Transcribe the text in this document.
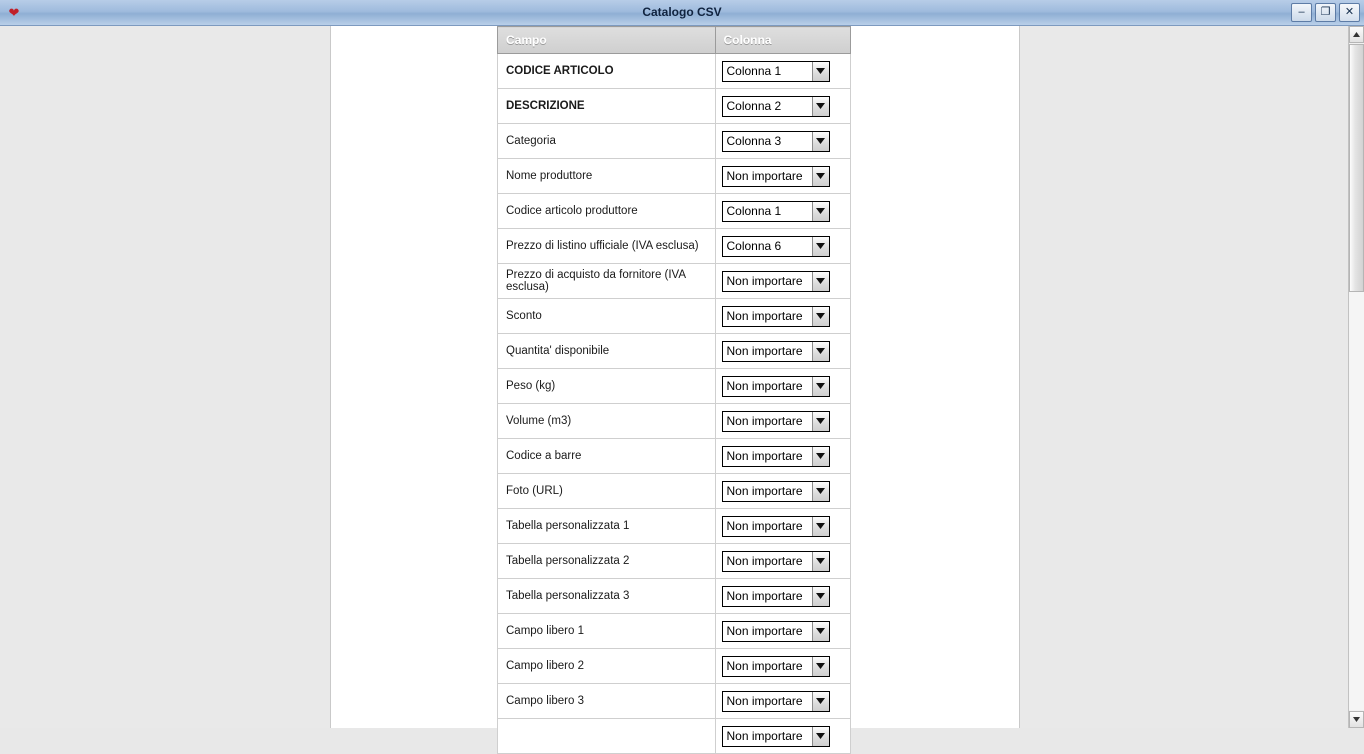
❤	Catalogo CSV	–	❐	✕
Campo	Colonna
CODICE ARTICOLO	Colonna 1

DESCRIZIONE	Colonna 2

Categoria	Colonna 3

Nome produttore	Non importare

Codice articolo produttore	Colonna 1

Prezzo di listino ufficiale (IVA esclusa)	Colonna 6

Prezzo di acquisto da fornitore (IVA esclusa)	Non importare

Sconto	Non importare

Quantita' disponibile	Non importare

Peso (kg)	Non importare

Volume (m3)	Non importare

Codice a barre	Non importare

Foto (URL)	Non importare

Tabella personalizzata 1	Non importare

Tabella personalizzata 2	Non importare

Tabella personalizzata 3	Non importare

Campo libero 1	Non importare

Campo libero 2	Non importare

Campo libero 3	Non importare

	Non importare
